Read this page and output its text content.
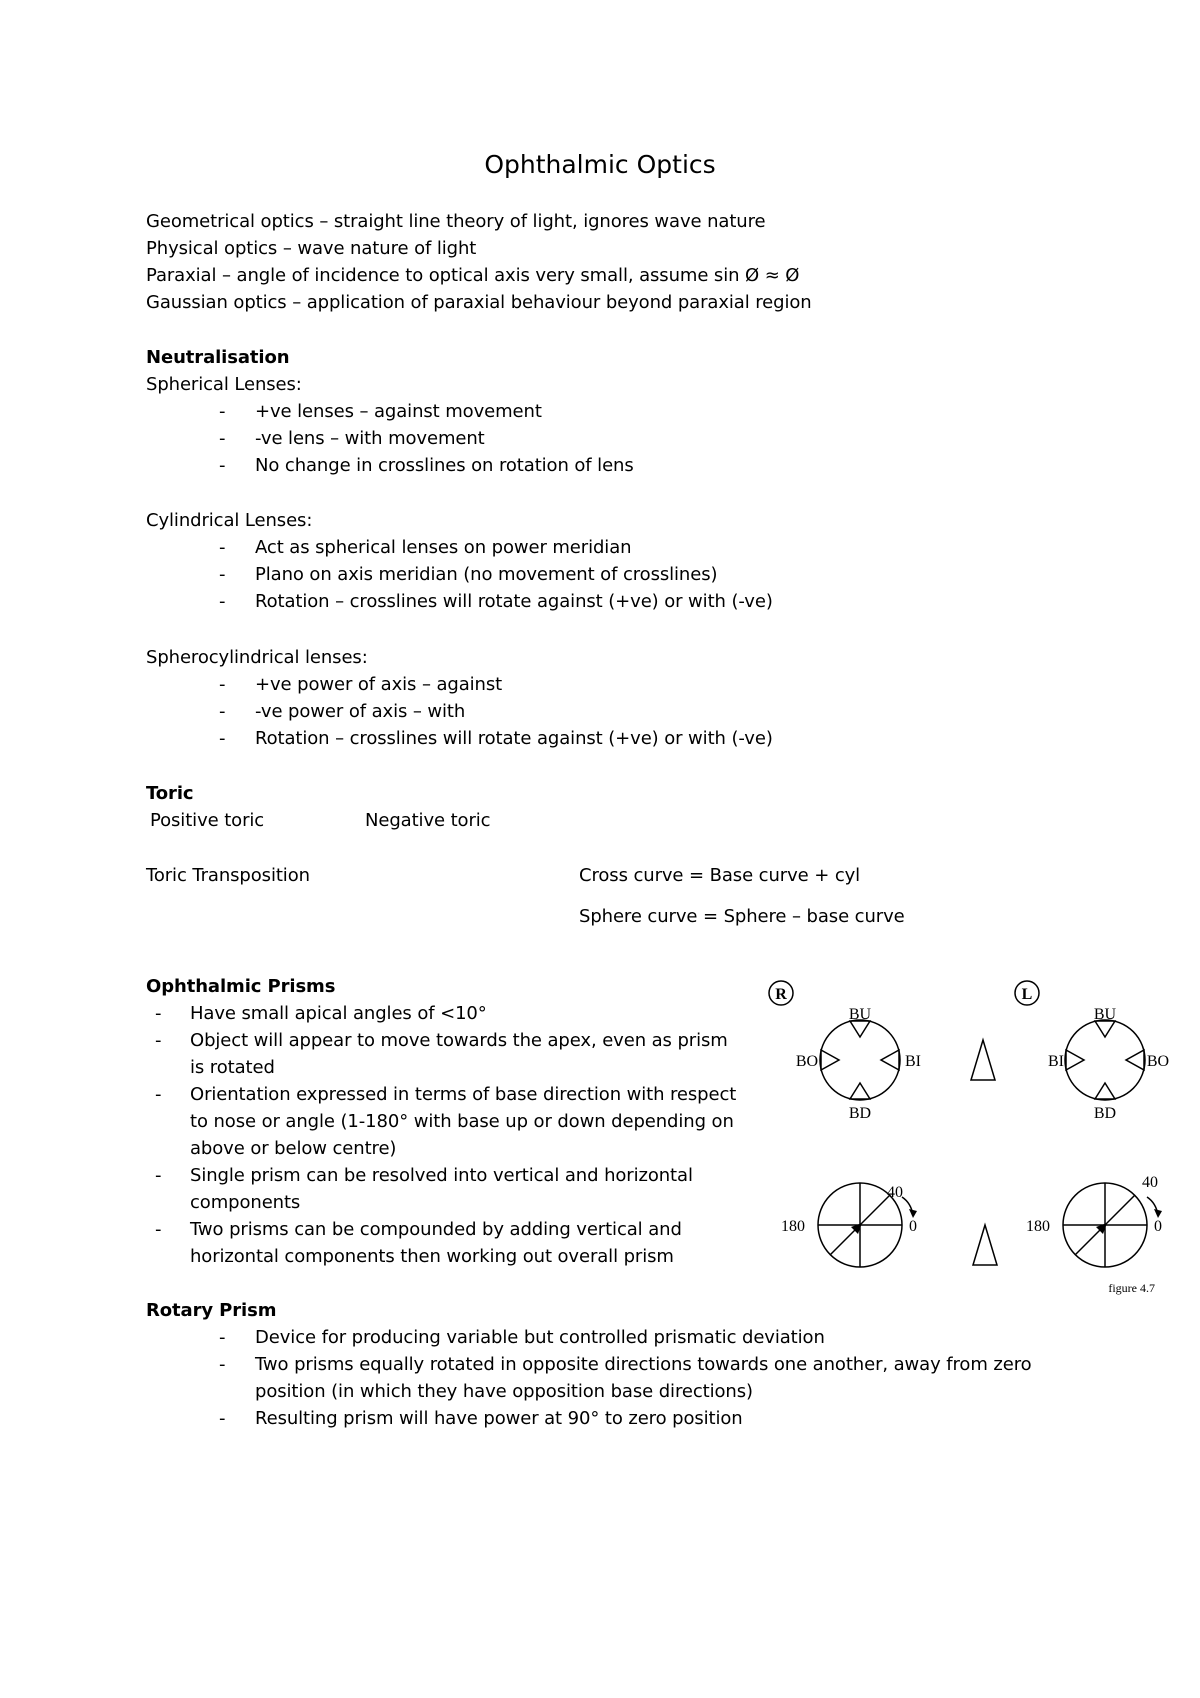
Ophthalmic Optics
Geometrical optics – straight line theory of light, ignores wave nature
Physical optics – wave nature of light
Paraxial – angle of incidence to optical axis very small, assume sin Ø ≈ Ø
Gaussian optics – application of paraxial behaviour beyond paraxial region
Neutralisation
Spherical Lenses:
- +ve lenses – against movement
- -ve lens – with movement
- No change in crosslines on rotation of lens
Cylindrical Lenses:
- Act as spherical lenses on power meridian
- Plano on axis meridian (no movement of crosslines)
- Rotation – crosslines will rotate against (+ve) or with (-ve)
Spherocylindrical lenses:
- +ve power of axis – against
- -ve power of axis – with
- Rotation – crosslines will rotate against (+ve) or with (-ve)
Toric
Positive toric	Negative toric
Toric Transposition	Cross curve = Base curve + cyl
Sphere curve = Sphere – base curve
Ophthalmic Prisms
- Have small apical angles of <10°
- Object will appear to move towards the apex, even as prism
is rotated
- Orientation expressed in terms of base direction with respect
to nose or angle (1-180° with base up or down depending on
above or below centre)
- Single prism can be resolved into vertical and horizontal
components
- Two prisms can be compounded by adding vertical and
horizontal components then working out overall prism
R	L
BU
BD
BO	BI
BU
BD
BI	BO
40
180	0
40
180	0
figure 4.7
Rotary Prism
- Device for producing variable but controlled prismatic deviation
- Two prisms equally rotated in opposite directions towards one another, away from zero
position (in which they have opposition base directions)
- Resulting prism will have power at 90° to zero position
